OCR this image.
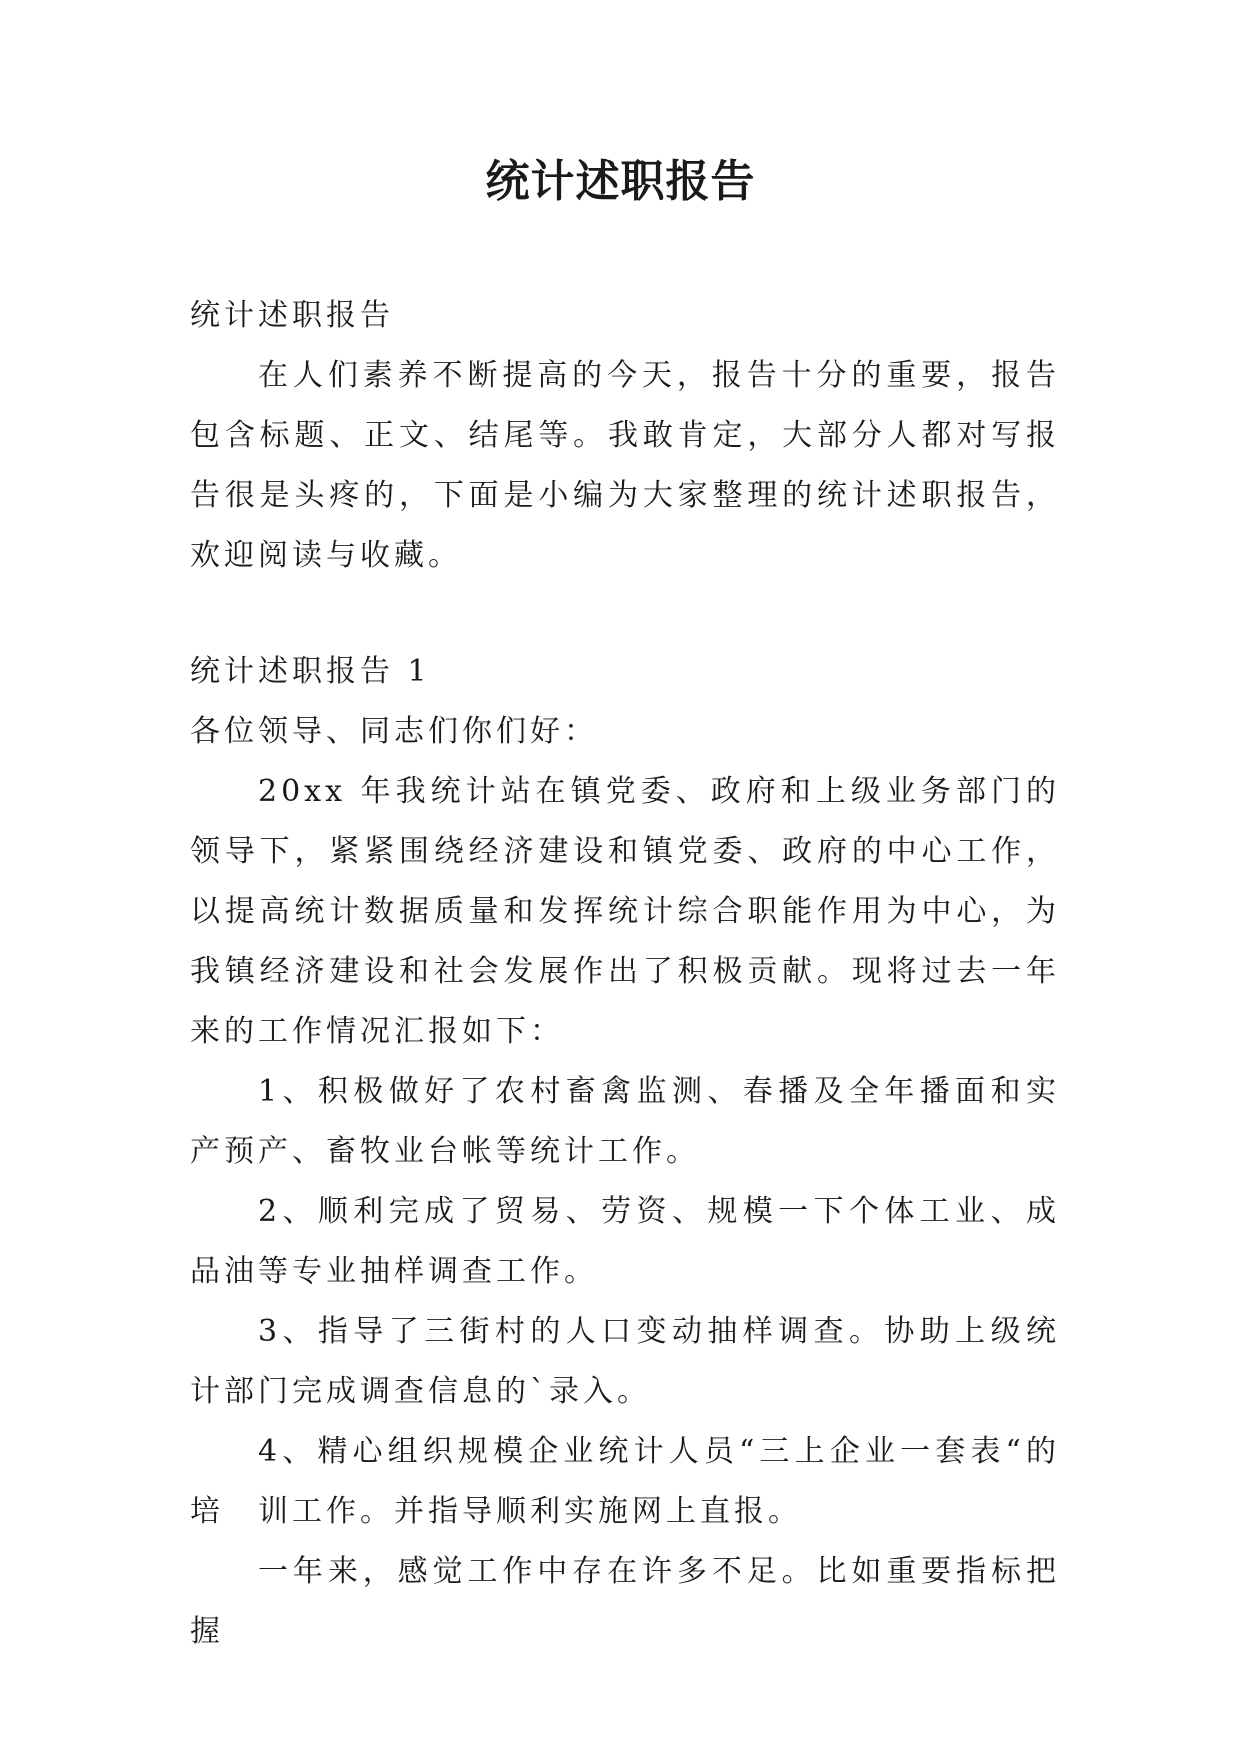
统计述职报告

统计述职报告

在人们素养不断提高的今天，报告十分的重要，报告包含标题、正文、结尾等。我敢肯定，大部分人都对写报告很是头疼的，下面是小编为大家整理的统计述职报告，欢迎阅读与收藏。

统计述职报告 1

各位领导、同志们你们好：

20xx 年我统计站在镇党委、政府和上级业务部门的领导下，紧紧围绕经济建设和镇党委、政府的中心工作，以提高统计数据质量和发挥统计综合职能作用为中心，为我镇经济建设和社会发展作出了积极贡献。现将过去一年来的工作情况汇报如下：

1、积极做好了农村畜禽监测、春播及全年播面和实产预产、畜牧业台帐等统计工作。

2、顺利完成了贸易、劳资、规模一下个体工业、成品油等专业抽样调查工作。

3、指导了三街村的人口变动抽样调查。协助上级统计部门完成调查信息的`录入。

4、精心组织规模企业统计人员“三上企业一套表“的培　训工作。并指导顺利实施网上直报。

一年来，感觉工作中存在许多不足。比如重要指标把握
